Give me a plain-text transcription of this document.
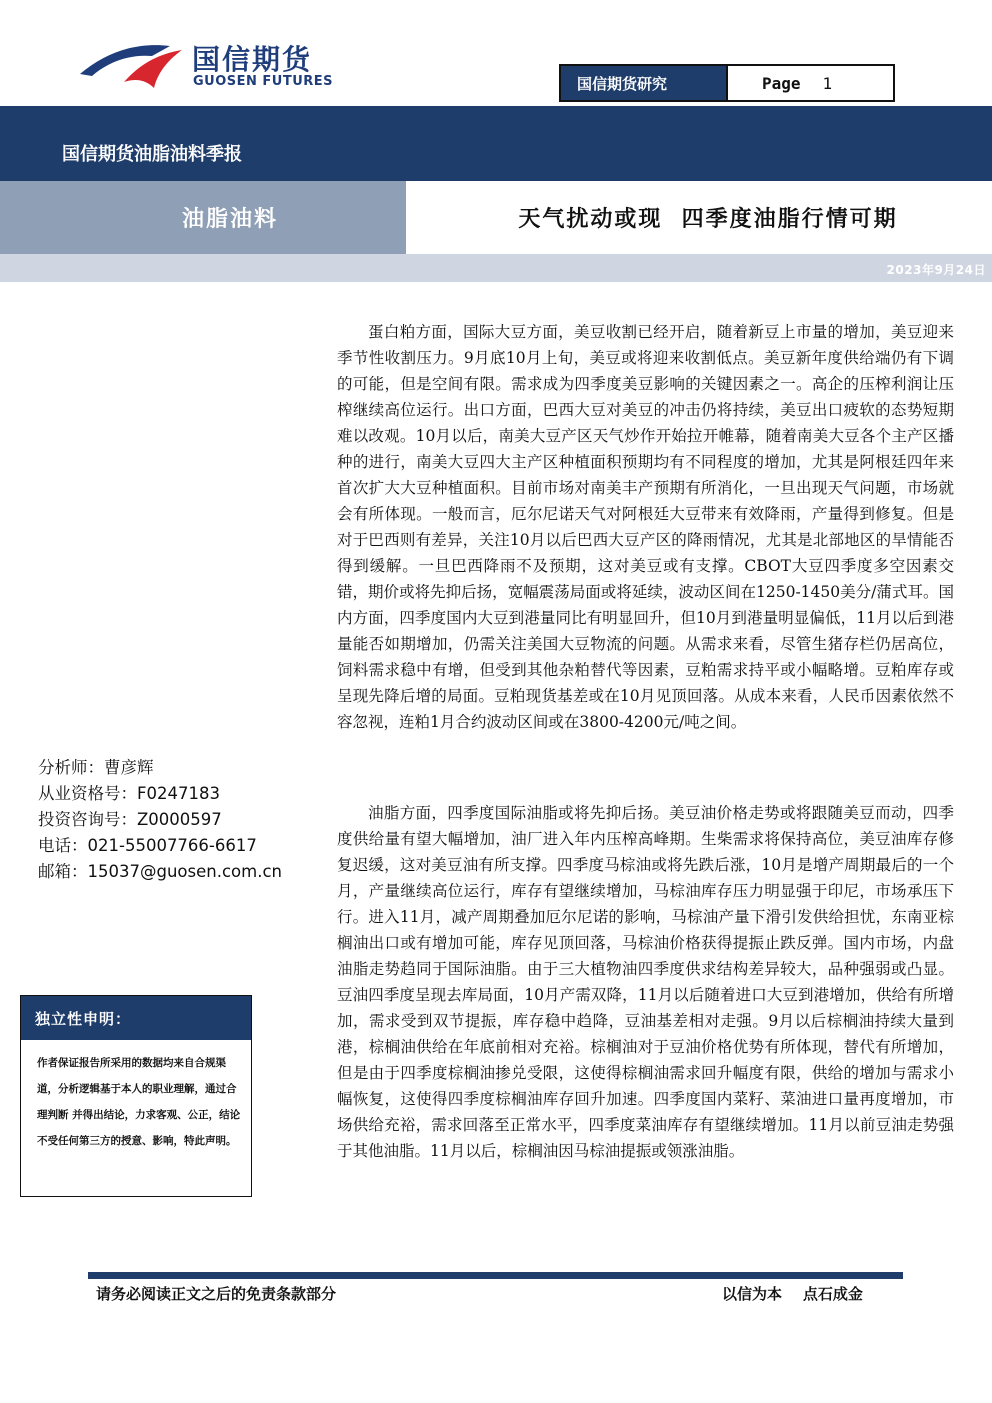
国信期货
GUOSEN FUTURES	国信期货研究	Page 1
国信期货油脂油料季报
油脂油料	天气扰动或现  四季度油脂行情可期
2023年9月24日

蛋白粕方面，国际大豆方面，美豆收割已经开启，随着新豆上市量的增加，美豆迎来季节性收割压力。9月底10月上旬，美豆或将迎来收割低点。美豆新年度供给端仍有下调的可能，但是空间有限。需求成为四季度美豆影响的关键因素之一。高企的压榨利润让压榨继续高位运行。出口方面，巴西大豆对美豆的冲击仍将持续，美豆出口疲软的态势短期难以改观。10月以后，南美大豆产区天气炒作开始拉开帷幕，随着南美大豆各个主产区播种的进行，南美大豆四大主产区种植面积预期均有不同程度的增加，尤其是阿根廷四年来首次扩大大豆种植面积。目前市场对南美丰产预期有所消化，一旦出现天气问题，市场就会有所体现。一般而言，厄尔尼诺天气对阿根廷大豆带来有效降雨，产量得到修复。但是对于巴西则有差异，关注10月以后巴西大豆产区的降雨情况，尤其是北部地区的旱情能否得到缓解。一旦巴西降雨不及预期，这对美豆或有支撑。CBOT大豆四季度多空因素交错，期价或将先抑后扬，宽幅震荡局面或将延续，波动区间在1250-1450美分/蒲式耳。国内方面，四季度国内大豆到港量同比有明显回升，但10月到港量明显偏低，11月以后到港量能否如期增加，仍需关注美国大豆物流的问题。从需求来看，尽管生猪存栏仍居高位，饲料需求稳中有增，但受到其他杂粕替代等因素，豆粕需求持平或小幅略增。豆粕库存或呈现先降后增的局面。豆粕现货基差或在10月见顶回落。从成本来看，人民币因素依然不容忽视，连粕1月合约波动区间或在3800-4200元/吨之间。

油脂方面，四季度国际油脂或将先抑后扬。美豆油价格走势或将跟随美豆而动，四季度供给量有望大幅增加，油厂进入年内压榨高峰期。生柴需求将保持高位，美豆油库存修复迟缓，这对美豆油有所支撑。四季度马棕油或将先跌后涨，10月是增产周期最后的一个月，产量继续高位运行，库存有望继续增加，马棕油库存压力明显强于印尼，市场承压下行。进入11月，减产周期叠加厄尔尼诺的影响，马棕油产量下滑引发供给担忧，东南亚棕榈油出口或有增加可能，库存见顶回落，马棕油价格获得提振止跌反弹。国内市场，内盘油脂走势趋同于国际油脂。由于三大植物油四季度供求结构差异较大，品种强弱或凸显。豆油四季度呈现去库局面，10月产需双降，11月以后随着进口大豆到港增加，供给有所增加，需求受到双节提振，库存稳中趋降，豆油基差相对走强。9月以后棕榈油持续大量到港，棕榈油供给在年底前相对充裕。棕榈油对于豆油价格优势有所体现，替代有所增加，但是由于四季度棕榈油掺兑受限，这使得棕榈油需求回升幅度有限，供给的增加与需求小幅恢复，这使得四季度棕榈油库存回升加速。四季度国内菜籽、菜油进口量再度增加，市场供给充裕，需求回落至正常水平，四季度菜油库存有望继续增加。11月以前豆油走势强于其他油脂。11月以后，棕榈油因马棕油提振或领涨油脂。

分析师：曹彦辉
从业资格号：F0247183
投资咨询号：Z0000597
电话：021-55007766-6617
邮箱：15037@guosen.com.cn
独立性申明：
作者保证报告所采用的数据均来自合规渠道，分析逻辑基于本人的职业理解，通过合理判断 并得出结论，力求客观、公正，结论不受任何第三方的授意、影响，特此声明。
请务必阅读正文之后的免责条款部分	以信为本    点石成金
